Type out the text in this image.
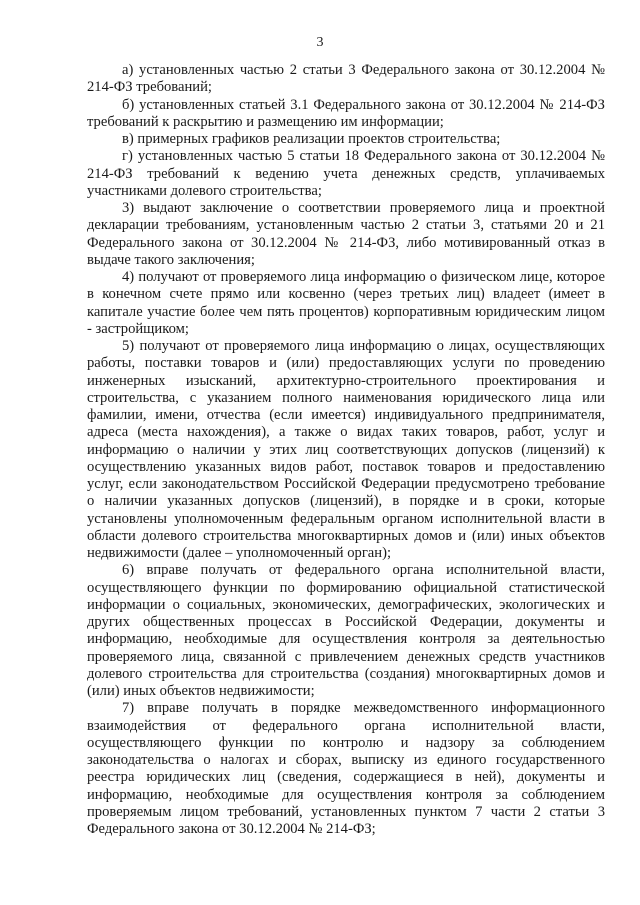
3

а) установленных частью 2 статьи 3 Федерального закона от 30.12.2004 № 214-ФЗ требований;

б) установленных статьей 3.1 Федерального закона от 30.12.2004 № 214-ФЗ требований к раскрытию и размещению им информации;

в) примерных графиков реализации проектов строительства;

г) установленных частью 5 статьи 18 Федерального закона от 30.12.2004 № 214-ФЗ требований к ведению учета денежных средств, уплачиваемых участниками долевого строительства;

3) выдают заключение о соответствии проверяемого лица и проектной декларации требованиям, установленным частью 2 статьи 3, статьями 20 и 21 Федерального закона от 30.12.2004 № 214-ФЗ, либо мотивированный отказ в выдаче такого заключения;

4) получают от проверяемого лица информацию о физическом лице, которое в конечном счете прямо или косвенно (через третьих лиц) владеет (имеет в капитале участие более чем пять процентов) корпоративным юридическим лицом - застройщиком;

5) получают от проверяемого лица информацию о лицах, осуществляющих работы, поставки товаров и (или) предоставляющих услуги по проведению инженерных изысканий, архитектурно-строительного проектирования и строительства, с указанием полного наименования юридического лица или фамилии, имени, отчества (если имеется) индивидуального предпринимателя, адреса (места нахождения), а также о видах таких товаров, работ, услуг и информацию о наличии у этих лиц соответствующих допусков (лицензий) к осуществлению указанных видов работ, поставок товаров и предоставлению услуг, если законодательством Российской Федерации предусмотрено требование о наличии указанных допусков (лицензий), в порядке и в сроки, которые установлены уполномоченным федеральным органом исполнительной власти в области долевого строительства многоквартирных домов и (или) иных объектов недвижимости (далее – уполномоченный орган);

6) вправе получать от федерального органа исполнительной власти, осуществляющего функции по формированию официальной статистической информации о социальных, экономических, демографических, экологических и других общественных процессах в Российской Федерации, документы и информацию, необходимые для осуществления контроля за деятельностью проверяемого лица, связанной с привлечением денежных средств участников долевого строительства для строительства (создания) многоквартирных домов и (или) иных объектов недвижимости;

7) вправе получать в порядке межведомственного информационного взаимодействия от федерального органа исполнительной власти, осуществляющего функции по контролю и надзору за соблюдением законодательства о налогах и сборах, выписку из единого государственного реестра юридических лиц (сведения, содержащиеся в ней), документы и информацию, необходимые для осуществления контроля за соблюдением проверяемым лицом требований, установленных пунктом 7 части 2 статьи 3 Федерального закона от 30.12.2004 № 214-ФЗ;
